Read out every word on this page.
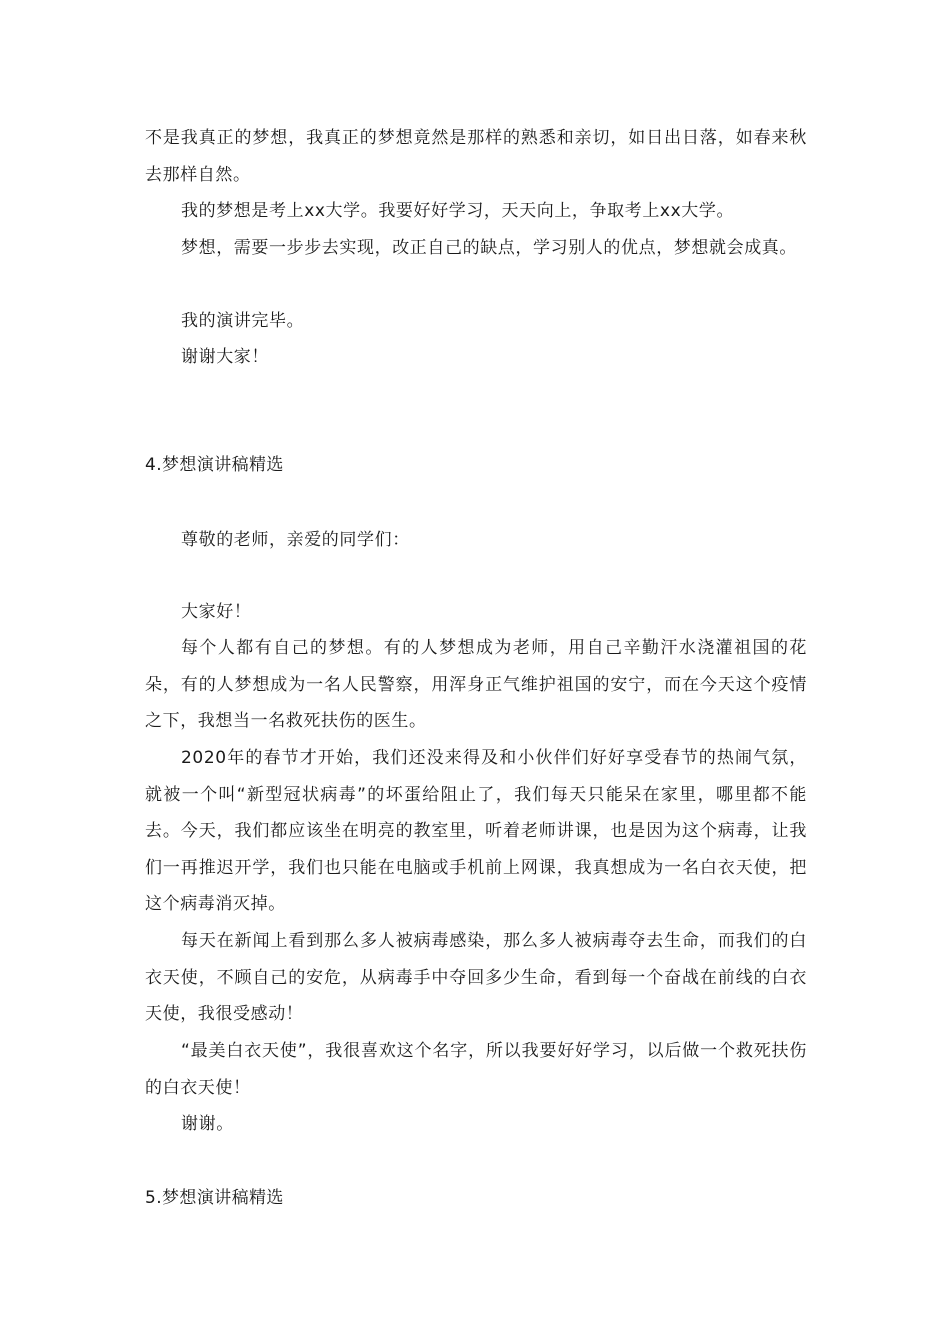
不是我真正的梦想，我真正的梦想竟然是那样的熟悉和亲切，如日出日落，如春来秋去那样自然。

我的梦想是考上xx大学。我要好好学习，天天向上，争取考上xx大学。

梦想，需要一步步去实现，改正自己的缺点，学习别人的优点，梦想就会成真。

我的演讲完毕。

谢谢大家！

4.梦想演讲稿精选

尊敬的老师，亲爱的同学们：

大家好！

每个人都有自己的梦想。有的人梦想成为老师，用自己辛勤汗水浇灌祖国的花朵，有的人梦想成为一名人民警察，用浑身正气维护祖国的安宁，而在今天这个疫情之下，我想当一名救死扶伤的医生。

2020年的春节才开始，我们还没来得及和小伙伴们好好享受春节的热闹气氛，就被一个叫“新型冠状病毒”的坏蛋给阻止了，我们每天只能呆在家里，哪里都不能去。今天，我们都应该坐在明亮的教室里，听着老师讲课，也是因为这个病毒，让我们一再推迟开学，我们也只能在电脑或手机前上网课，我真想成为一名白衣天使，把这个病毒消灭掉。

每天在新闻上看到那么多人被病毒感染，那么多人被病毒夺去生命，而我们的白衣天使，不顾自己的安危，从病毒手中夺回多少生命，看到每一个奋战在前线的白衣天使，我很受感动！

“最美白衣天使”，我很喜欢这个名字，所以我要好好学习，以后做一个救死扶伤的白衣天使！

谢谢。

5.梦想演讲稿精选
